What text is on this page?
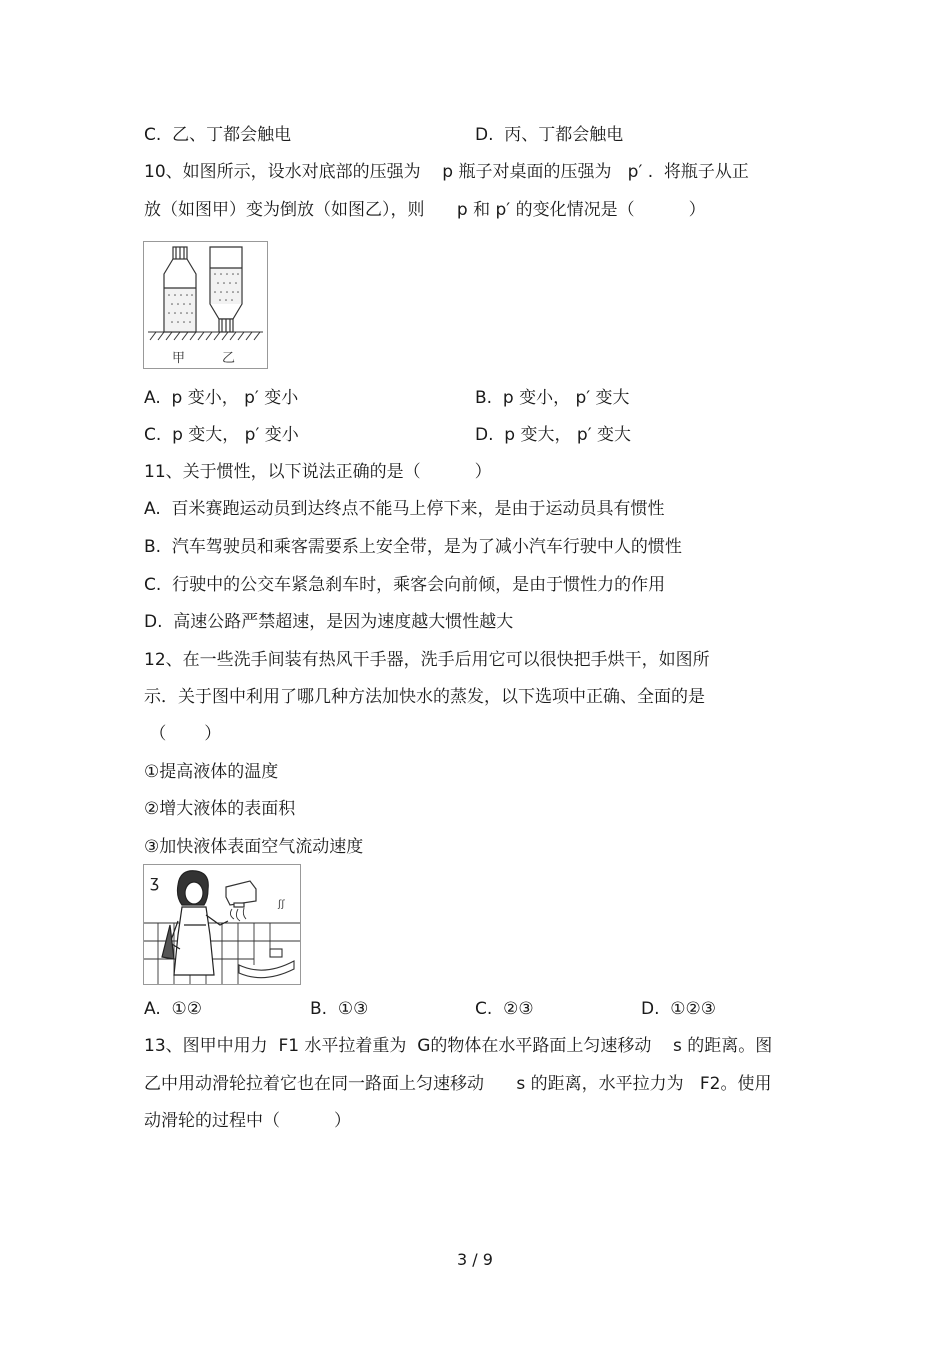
C.  乙、丁都会触电	D.  丙、丁都会触电
10、如图所示，设水对底部的压强为    p 瓶子对桌面的压强为   p′ .  将瓶子从正
放（如图甲）变为倒放（如图乙），则      p 和 p′ 的变化情况是（          ）
甲	乙
A.  p 变小， p′ 变小	B.  p 变小， p′ 变大
C.  p 变大， p′ 变小	D.  p 变大， p′ 变大
11、关于惯性，以下说法正确的是（          ）
A.  百米赛跑运动员到达终点不能马上停下来，是由于运动员具有惯性
B.  汽车驾驶员和乘客需要系上安全带，是为了减小汽车行驶中人的惯性
C.  行驶中的公交车紧急刹车时，乘客会向前倾，是由于惯性力的作用
D.  高速公路严禁超速，是因为速度越大惯性越大
12、在一些洗手间装有热风干手器，洗手后用它可以很快把手烘干，如图所
示．关于图中利用了哪几种方法加快水的蒸发，以下选项中正确、全面的是
（       ）
①提高液体的温度
②增大液体的表面积
③加快液体表面空气流动速度
ʒ
ʃʃ
A.  ①②	B.  ①③	C.  ②③	D.  ①②③
13、图甲中用力  F1 水平拉着重为  G的物体在水平路面上匀速移动    s 的距离。图
乙中用动滑轮拉着它也在同一路面上匀速移动      s 的距离，水平拉力为   F2。使用
动滑轮的过程中（          ）
3 / 9
